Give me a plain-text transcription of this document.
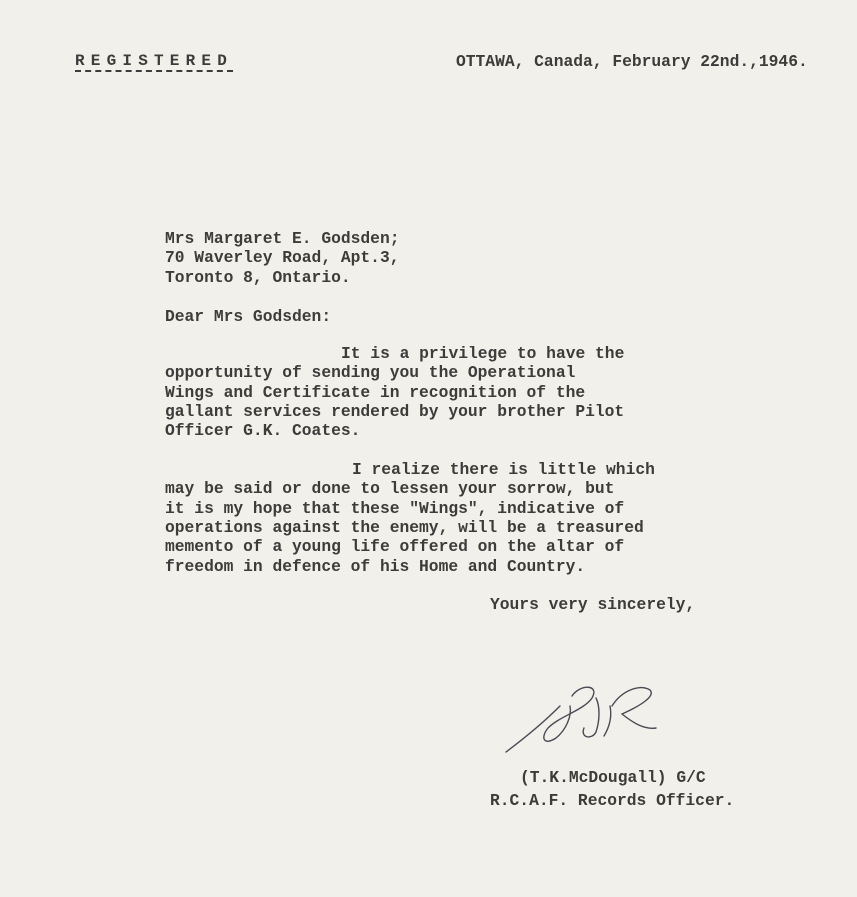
REGISTERED	OTTAWA, Canada, February 22nd.,1946.
Mrs Margaret E. Godsden;
70 Waverley Road, Apt.3,
Toronto 8, Ontario.
Dear Mrs Godsden:
It is a privilege to have the
opportunity of sending you the Operational
Wings and Certificate in recognition of the
gallant services rendered by your brother Pilot
Officer G.K. Coates.
I realize there is little which
may be said or done to lessen your sorrow, but
it is my hope that these "Wings", indicative of
operations against the enemy, will be a treasured
memento of a young life offered on the altar of
freedom in defence of his Home and Country.
Yours very sincerely,
(T.K.McDougall) G/C
R.C.A.F. Records Officer.
